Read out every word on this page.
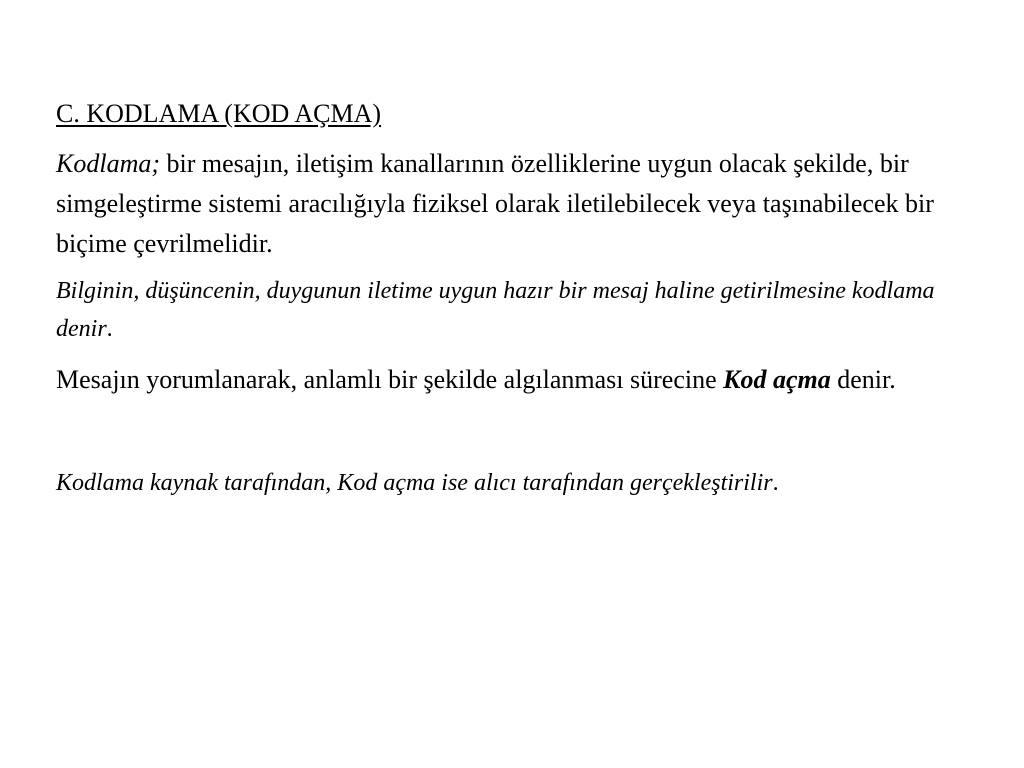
C. KODLAMA (KOD AÇMA)

Kodlama; bir mesajın, iletişim kanallarının özelliklerine uygun olacak şekilde, bir simgeleştirme sistemi aracılığıyla fiziksel olarak iletilebilecek veya taşınabilecek bir biçime çevrilmelidir.

Bilginin, düşüncenin, duygunun iletime uygun hazır bir mesaj haline getirilmesine kodlama denir.

Mesajın yorumlanarak, anlamlı bir şekilde algılanması sürecine Kod açma denir.

Kodlama kaynak tarafından, Kod açma ise alıcı tarafından gerçekleştirilir.
